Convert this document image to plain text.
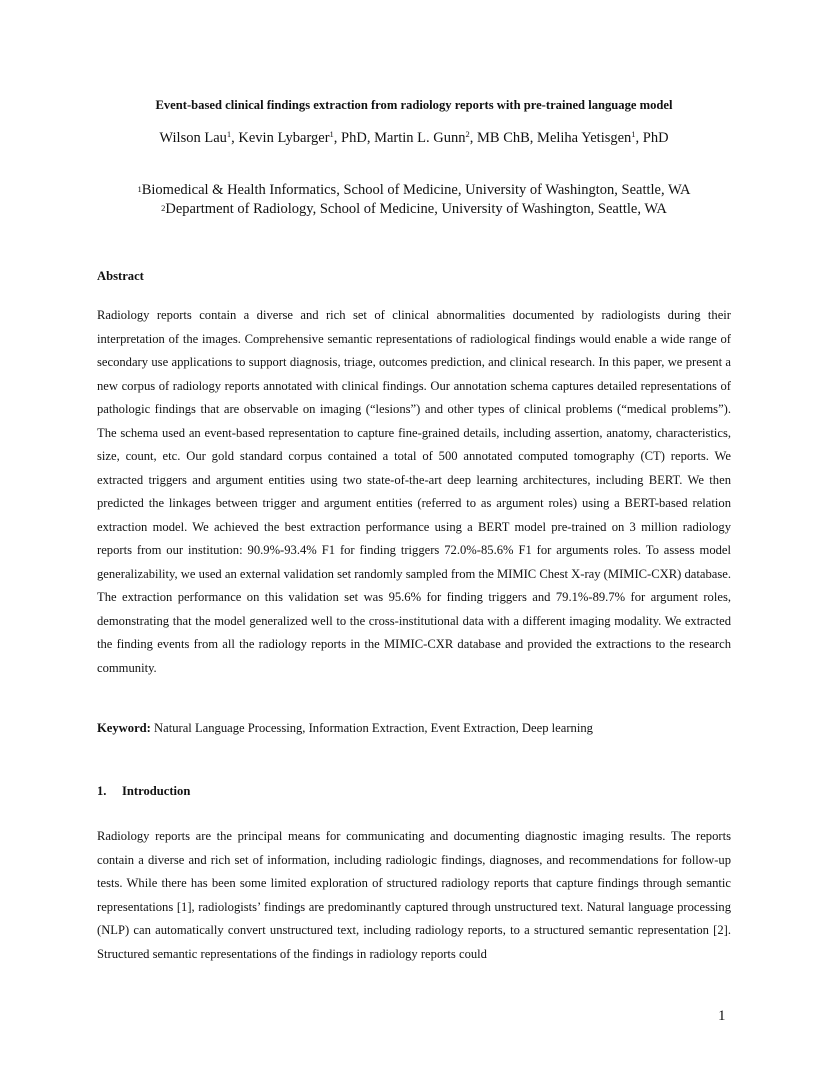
Event-based clinical findings extraction from radiology reports with pre-trained language model

Wilson Lau$^1$, Kevin Lybarger$^1$, PhD, Martin L. Gunn$^2$, MB ChB, Meliha Yetisgen$^1$, PhD

$^1$Biomedical & Health Informatics, School of Medicine, University of Washington, Seattle, WA

$^2$Department of Radiology, School of Medicine, University of Washington, Seattle, WA

Abstract

Radiology reports contain a diverse and rich set of clinical abnormalities documented by radiologists during their interpretation of the images. Comprehensive semantic representations of radiological findings would enable a wide range of secondary use applications to support diagnosis, triage, outcomes prediction, and clinical research. In this paper, we present a new corpus of radiology reports annotated with clinical findings. Our annotation schema captures detailed representations of pathologic findings that are observable on imaging (“lesions”) and other types of clinical problems (“medical problems”). The schema used an event-based representation to capture fine-grained details, including assertion, anatomy, characteristics, size, count, etc. Our gold standard corpus contained a total of 500 annotated computed tomography (CT) reports. We extracted triggers and argument entities using two state-of-the-art deep learning architectures, including BERT. We then predicted the linkages between trigger and argument entities (referred to as argument roles) using a BERT-based relation extraction model. We achieved the best extraction performance using a BERT model pre-trained on 3 million radiology reports from our institution: 90.9%-93.4% F1 for finding triggers 72.0%-85.6% F1 for arguments roles. To assess model generalizability, we used an external validation set randomly sampled from the MIMIC Chest X-ray (MIMIC-CXR) database. The extraction performance on this validation set was 95.6% for finding triggers and 79.1%-89.7% for argument roles, demonstrating that the model generalized well to the cross-institutional data with a different imaging modality. We extracted the finding events from all the radiology reports in the MIMIC-CXR database and provided the extractions to the research community.

Keyword: Natural Language Processing, Information Extraction, Event Extraction, Deep learning

1. Introduction

Radiology reports are the principal means for communicating and documenting diagnostic imaging results. The reports contain a diverse and rich set of information, including radiologic findings, diagnoses, and recommendations for follow-up tests. While there has been some limited exploration of structured radiology reports that capture findings through semantic representations [1], radiologists’ findings are predominantly captured through unstructured text. Natural language processing (NLP) can automatically convert unstructured text, including radiology reports, to a structured semantic representation [2]. Structured semantic representations of the findings in radiology reports could

1
